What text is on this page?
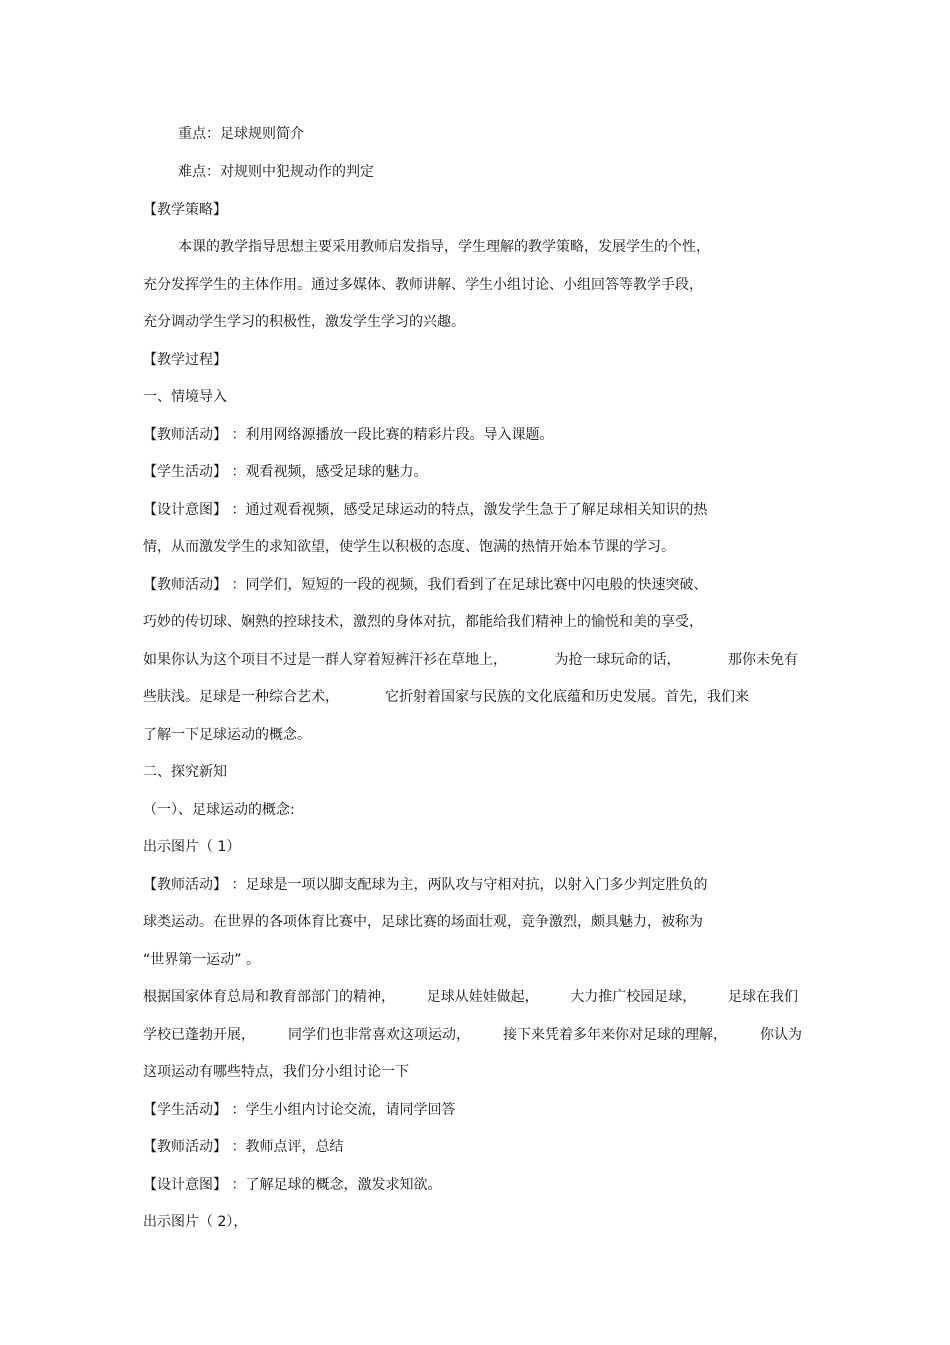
重点：足球规则简介

难点：对规则中犯规动作的判定

【教学策略】

本课的教学指导思想主要采用教师启发指导，学生理解的教学策略，发展学生的个性，

充分发挥学生的主体作用。通过多媒体、教师讲解、学生小组讨论、小组回答等教学手段，

充分调动学生学习的积极性，激发学生学习的兴趣。

【教学过程】

一、情境导入

【教师活动】 ：利用网络源播放一段比赛的精彩片段。导入课题。

【学生活动】 ：观看视频，感受足球的魅力。

【设计意图】 ：通过观看视频，感受足球运动的特点，激发学生急于了解足球相关知识的热

情，从而激发学生的求知欲望，使学生以积极的态度、饱满的热情开始本节课的学习。

【教师活动】 ：同学们，短短的一段的视频，我们看到了在足球比赛中闪电般的快速突破、

巧妙的传切球、娴熟的控球技术，激烈的身体对抗，都能给我们精神上的愉悦和美的享受，

如果你认为这个项目不过是一群人穿着短裤汗衫在草地上，	为抢一球玩命的话，	那你未免有
些肤浅。足球是一种综合艺术，	它折射着国家与民族的文化底蕴和历史发展。首先，我们来

了解一下足球运动的概念。

二、探究新知

（一）、足球运动的概念:

出示图片（ 1）

【教师活动】 ：足球是一项以脚支配球为主，两队攻与守相对抗，以射入门多少判定胜负的

球类运动。在世界的各项体育比赛中，足球比赛的场面壮观，竞争激烈，颇具魅力，被称为

“世界第一运动” 。

根据国家体育总局和教育部部门的精神， 足球从娃娃做起， 大力推广校园足球， 足球在我们
学校已蓬勃开展， 同学们也非常喜欢这项运动， 接下来凭着多年来你对足球的理解， 你认为

这项运动有哪些特点，我们分小组讨论一下

【学生活动】 ：学生小组内讨论交流，请同学回答

【教师活动】 ：教师点评，总结

【设计意图】 ：了解足球的概念，激发求知欲。

出示图片（ 2），
